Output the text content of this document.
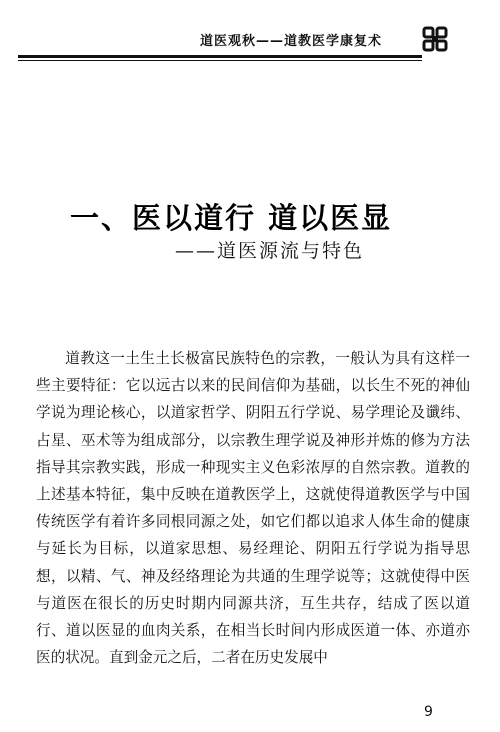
道医观秋——道教医学康复术
一、医以道行 道以医显
——道医源流与特色

道教这一土生土长极富民族特色的宗教，一般认为具有这样一些主要特征：它以远古以来的民间信仰为基础，以长生不死的神仙学说为理论核心，以道家哲学、阴阳五行学说、易学理论及谶纬、占星、巫术等为组成部分，以宗教生理学说及神形并炼的修为方法指导其宗教实践，形成一种现实主义色彩浓厚的自然宗教。道教的上述基本特征，集中反映在道教医学上，这就使得道教医学与中国传统医学有着许多同根同源之处，如它们都以追求人体生命的健康与延长为目标，以道家思想、易经理论、阴阳五行学说为指导思想，以精、气、神及经络理论为共通的生理学说等；这就使得中医与道医在很长的历史时期内同源共济，互生共存，结成了医以道行、道以医显的血肉关系，在相当长时间内形成医道一体、亦道亦医的状况。直到金元之后，二者在历史发展中

9
